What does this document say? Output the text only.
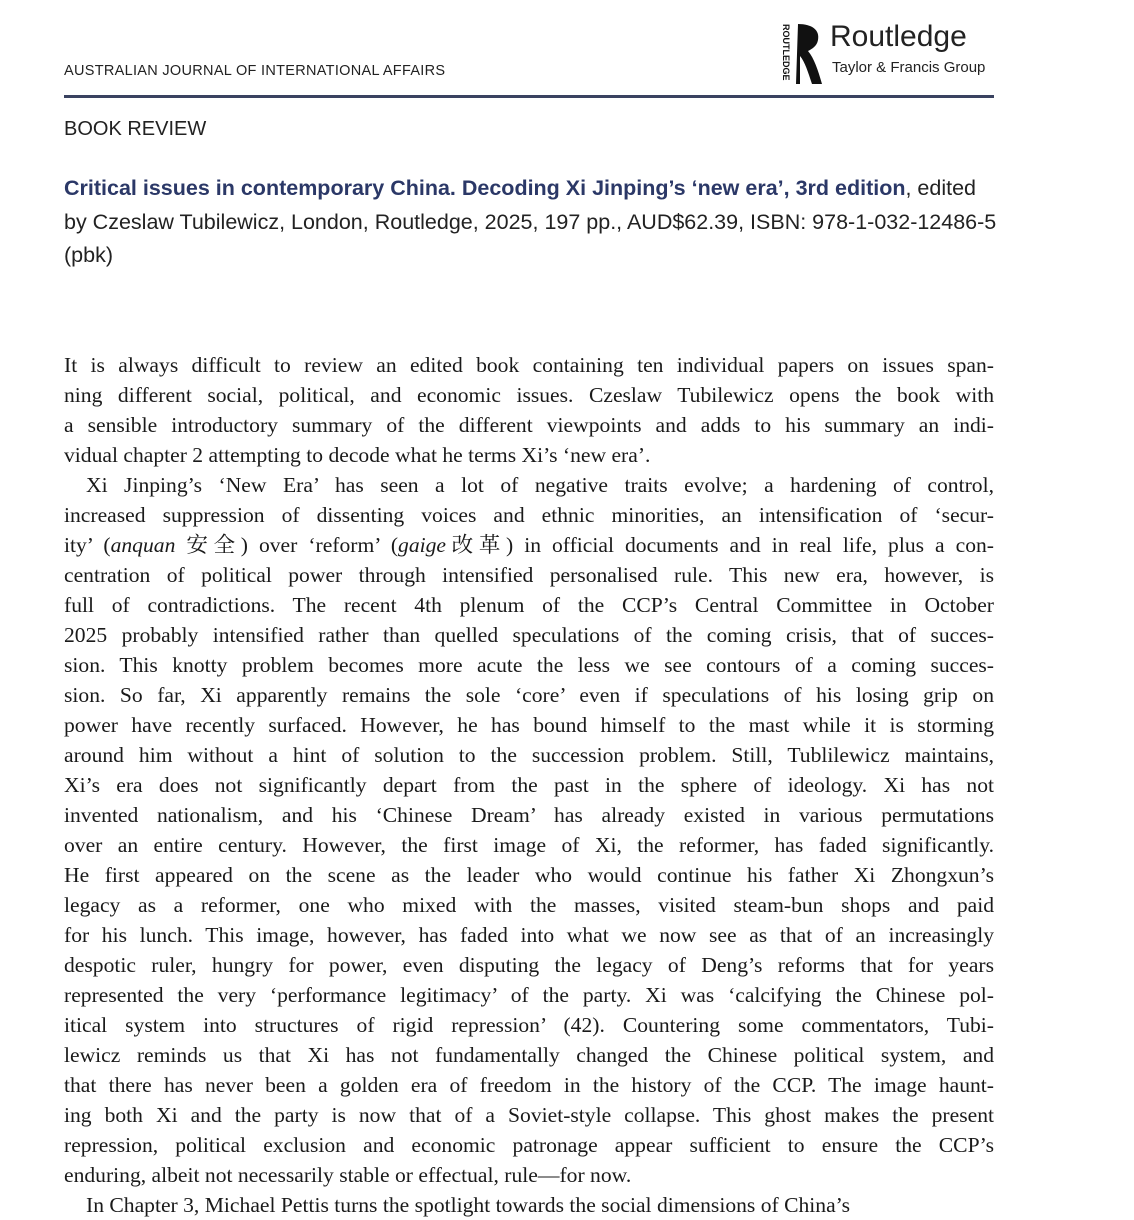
AUSTRALIAN JOURNAL OF INTERNATIONAL AFFAIRS	ROUTLEDGE Routledge
Taylor & Francis Group
BOOK REVIEW
Critical issues in contemporary China. Decoding Xi Jinping’s ‘new era’, 3rd edition, edited by Czeslaw Tubilewicz, London, Routledge, 2025, 197 pp., AUD$62.39, ISBN: 978-1-032-12486-5 (pbk)
It is always difficult to review an edited book containing ten individual papers on issues span-
ning different social, political, and economic issues. Czeslaw Tubilewicz opens the book with
a sensible introductory summary of the different viewpoints and adds to his summary an indi-
vidual chapter 2 attempting to decode what he terms Xi’s ‘new era’.
Xi Jinping’s ‘New Era’ has seen a lot of negative traits evolve; a hardening of control,
increased suppression of dissenting voices and ethnic minorities, an intensification of ‘secur-
ity’ (anquan 安全) over ‘reform’ (gaige改革) in official documents and in real life, plus a con-
centration of political power through intensified personalised rule. This new era, however, is
full of contradictions. The recent 4th plenum of the CCP’s Central Committee in October
2025 probably intensified rather than quelled speculations of the coming crisis, that of succes-
sion. This knotty problem becomes more acute the less we see contours of a coming succes-
sion. So far, Xi apparently remains the sole ‘core’ even if speculations of his losing grip on
power have recently surfaced. However, he has bound himself to the mast while it is storming
around him without a hint of solution to the succession problem. Still, Tublilewicz maintains,
Xi’s era does not significantly depart from the past in the sphere of ideology. Xi has not
invented nationalism, and his ‘Chinese Dream’ has already existed in various permutations
over an entire century. However, the first image of Xi, the reformer, has faded significantly.
He first appeared on the scene as the leader who would continue his father Xi Zhongxun’s
legacy as a reformer, one who mixed with the masses, visited steam-bun shops and paid
for his lunch. This image, however, has faded into what we now see as that of an increasingly
despotic ruler, hungry for power, even disputing the legacy of Deng’s reforms that for years
represented the very ‘performance legitimacy’ of the party. Xi was ‘calcifying the Chinese pol-
itical system into structures of rigid repression’ (42). Countering some commentators, Tubi-
lewicz reminds us that Xi has not fundamentally changed the Chinese political system, and
that there has never been a golden era of freedom in the history of the CCP. The image haunt-
ing both Xi and the party is now that of a Soviet-style collapse. This ghost makes the present
repression, political exclusion and economic patronage appear sufficient to ensure the CCP’s
enduring, albeit not necessarily stable or effectual, rule—for now.
In Chapter 3, Michael Pettis turns the spotlight towards the social dimensions of China’s
